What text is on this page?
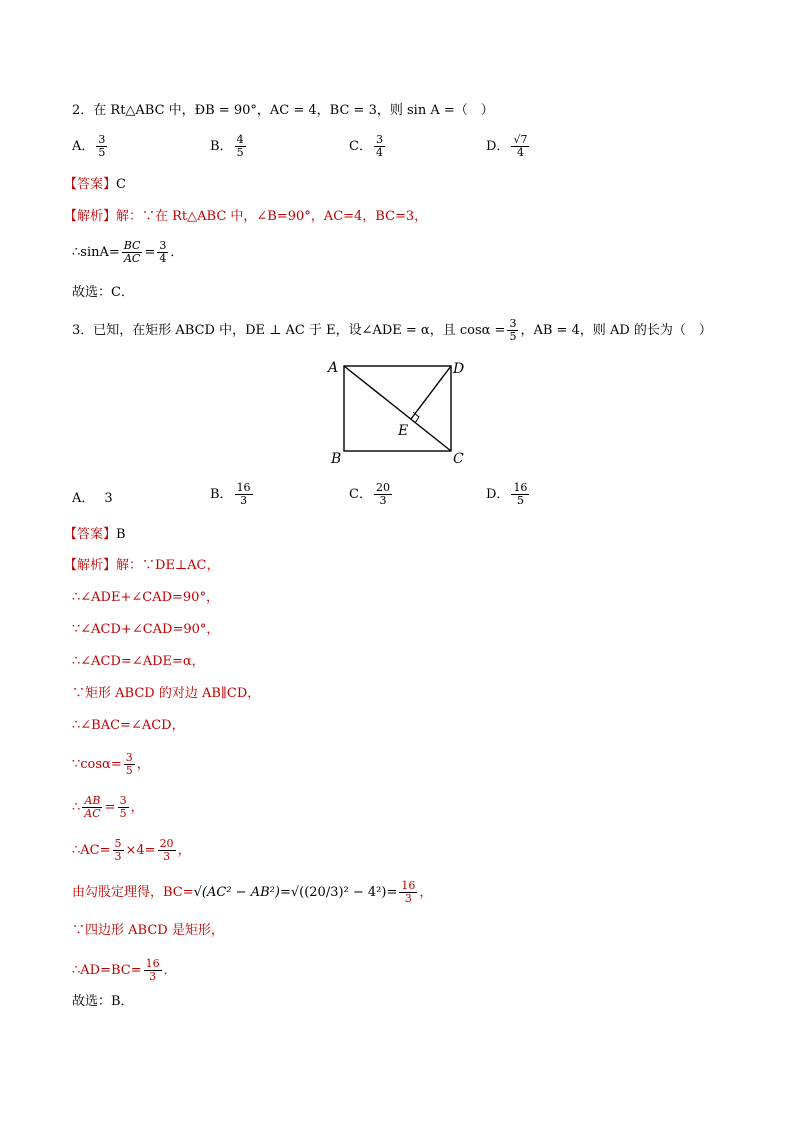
2．在 Rt△ABC 中，ÐB = 90°，AC = 4，BC = 3，则 sin A =（　）
A． $\frac{3}{5}$	B． $\frac{4}{5}$	C． $\frac{3}{4}$	D． $\frac{√7}{4}$
【答案】C
【解析】解：∵在 Rt△ABC 中，∠B=90°，AC=4，BC=3，
∴sinA= $\frac{BC}{AC} = \frac{3}{4}$ ．
故选：C．
3．已知，在矩形 ABCD 中，DE ⊥ AC 于 E，设∠ADE = α，且 $\cos\alpha = \frac{3}{5}$ ，AB = 4，则 AD 的长为（　）
A	D
B	C
E
A． 3	B． $\frac{16}{3}$	C． $\frac{20}{3}$	D． $\frac{16}{5}$
【答案】B
【解析】解：∵DE⊥AC，
∴∠ADE+∠CAD=90°，
∵∠ACD+∠CAD=90°，
∴∠ACD=∠ADE=α，
∵矩形 ABCD 的对边 AB∥CD，
∴∠BAC=∠ACD，
∵cosα= $\frac{3}{5}$ ，
∴ $\frac{AB}{AC} = \frac{3}{5}$ ，
∴AC= $\frac{5}{3} \times 4= \frac{20}{3}$ ，
由勾股定理得，$BC=√(AC^2 - AB^2)=√((20/3)^2 - 4^2)= \frac{16}{3}$ ，
∵四边形 ABCD 是矩形，
∴AD=BC= $\frac{16}{3}$ ．
故选：B．
